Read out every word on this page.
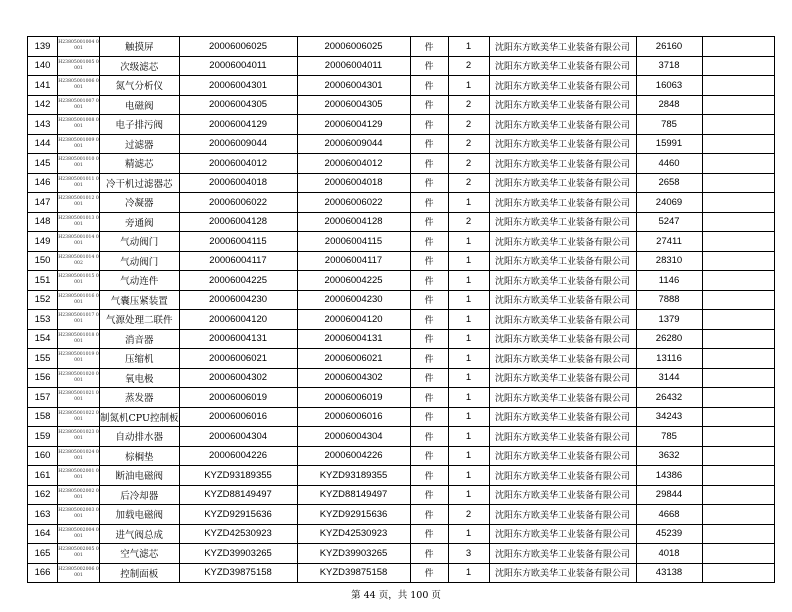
139	H23805001004 0001	触摸屏	20006006025	20006006025	件	1	沈阳东方欧美华工业装备有限公司	26160	
140	H23805001005 0001	次级滤芯	20006004011	20006004011	件	2	沈阳东方欧美华工业装备有限公司	3718	
141	H23805001006 0001	氮气分析仪	20006004301	20006004301	件	1	沈阳东方欧美华工业装备有限公司	16063	
142	H23805001007 0001	电磁阀	20006004305	20006004305	件	2	沈阳东方欧美华工业装备有限公司	2848	
143	H23805001008 0001	电子排污阀	20006004129	20006004129	件	2	沈阳东方欧美华工业装备有限公司	785	
144	H23805001009 0001	过滤器	20006009044	20006009044	件	2	沈阳东方欧美华工业装备有限公司	15991	
145	H23805001010 0001	精滤芯	20006004012	20006004012	件	2	沈阳东方欧美华工业装备有限公司	4460	
146	H23805001011 0001	冷干机过滤器芯	20006004018	20006004018	件	2	沈阳东方欧美华工业装备有限公司	2658	
147	H23805001012 0001	冷凝器	20006006022	20006006022	件	1	沈阳东方欧美华工业装备有限公司	24069	
148	H23805001013 0001	旁通阀	20006004128	20006004128	件	2	沈阳东方欧美华工业装备有限公司	5247	
149	H23805001014 0001	气动阀门	20006004115	20006004115	件	1	沈阳东方欧美华工业装备有限公司	27411	
150	H23805001014 0002	气动阀门	20006004117	20006004117	件	1	沈阳东方欧美华工业装备有限公司	28310	
151	H23805001015 0001	气动连件	20006004225	20006004225	件	1	沈阳东方欧美华工业装备有限公司	1146	
152	H23805001016 0001	气囊压紧装置	20006004230	20006004230	件	1	沈阳东方欧美华工业装备有限公司	7888	
153	H23805001017 0001	气源处理二联件	20006004120	20006004120	件	1	沈阳东方欧美华工业装备有限公司	1379	
154	H23805001018 0001	消音器	20006004131	20006004131	件	1	沈阳东方欧美华工业装备有限公司	26280	
155	H23805001019 0001	压缩机	20006006021	20006006021	件	1	沈阳东方欧美华工业装备有限公司	13116	
156	H23805001020 0001	氧电极	20006004302	20006004302	件	1	沈阳东方欧美华工业装备有限公司	3144	
157	H23805001021 0001	蒸发器	20006006019	20006006019	件	1	沈阳东方欧美华工业装备有限公司	26432	
158	H23805001022 0001	制氮机CPU控制板	20006006016	20006006016	件	1	沈阳东方欧美华工业装备有限公司	34243	
159	H23805001023 0001	自动排水器	20006004304	20006004304	件	1	沈阳东方欧美华工业装备有限公司	785	
160	H23805001024 0001	棕榈垫	20006004226	20006004226	件	1	沈阳东方欧美华工业装备有限公司	3632	
161	H23805002001 0001	断油电磁阀	KYZD93189355	KYZD93189355	件	1	沈阳东方欧美华工业装备有限公司	14386	
162	H23805002002 0001	后冷却器	KYZD88149497	KYZD88149497	件	1	沈阳东方欧美华工业装备有限公司	29844	
163	H23805002003 0001	加载电磁阀	KYZD92915636	KYZD92915636	件	2	沈阳东方欧美华工业装备有限公司	4668	
164	H23805002004 0001	进气阀总成	KYZD42530923	KYZD42530923	件	1	沈阳东方欧美华工业装备有限公司	45239	
165	H23805002005 0001	空气滤芯	KYZD39903265	KYZD39903265	件	3	沈阳东方欧美华工业装备有限公司	4018	
166	H23805002006 0001	控制面板	KYZD39875158	KYZD39875158	件	1	沈阳东方欧美华工业装备有限公司	43138	
第 44 页，共 100 页
